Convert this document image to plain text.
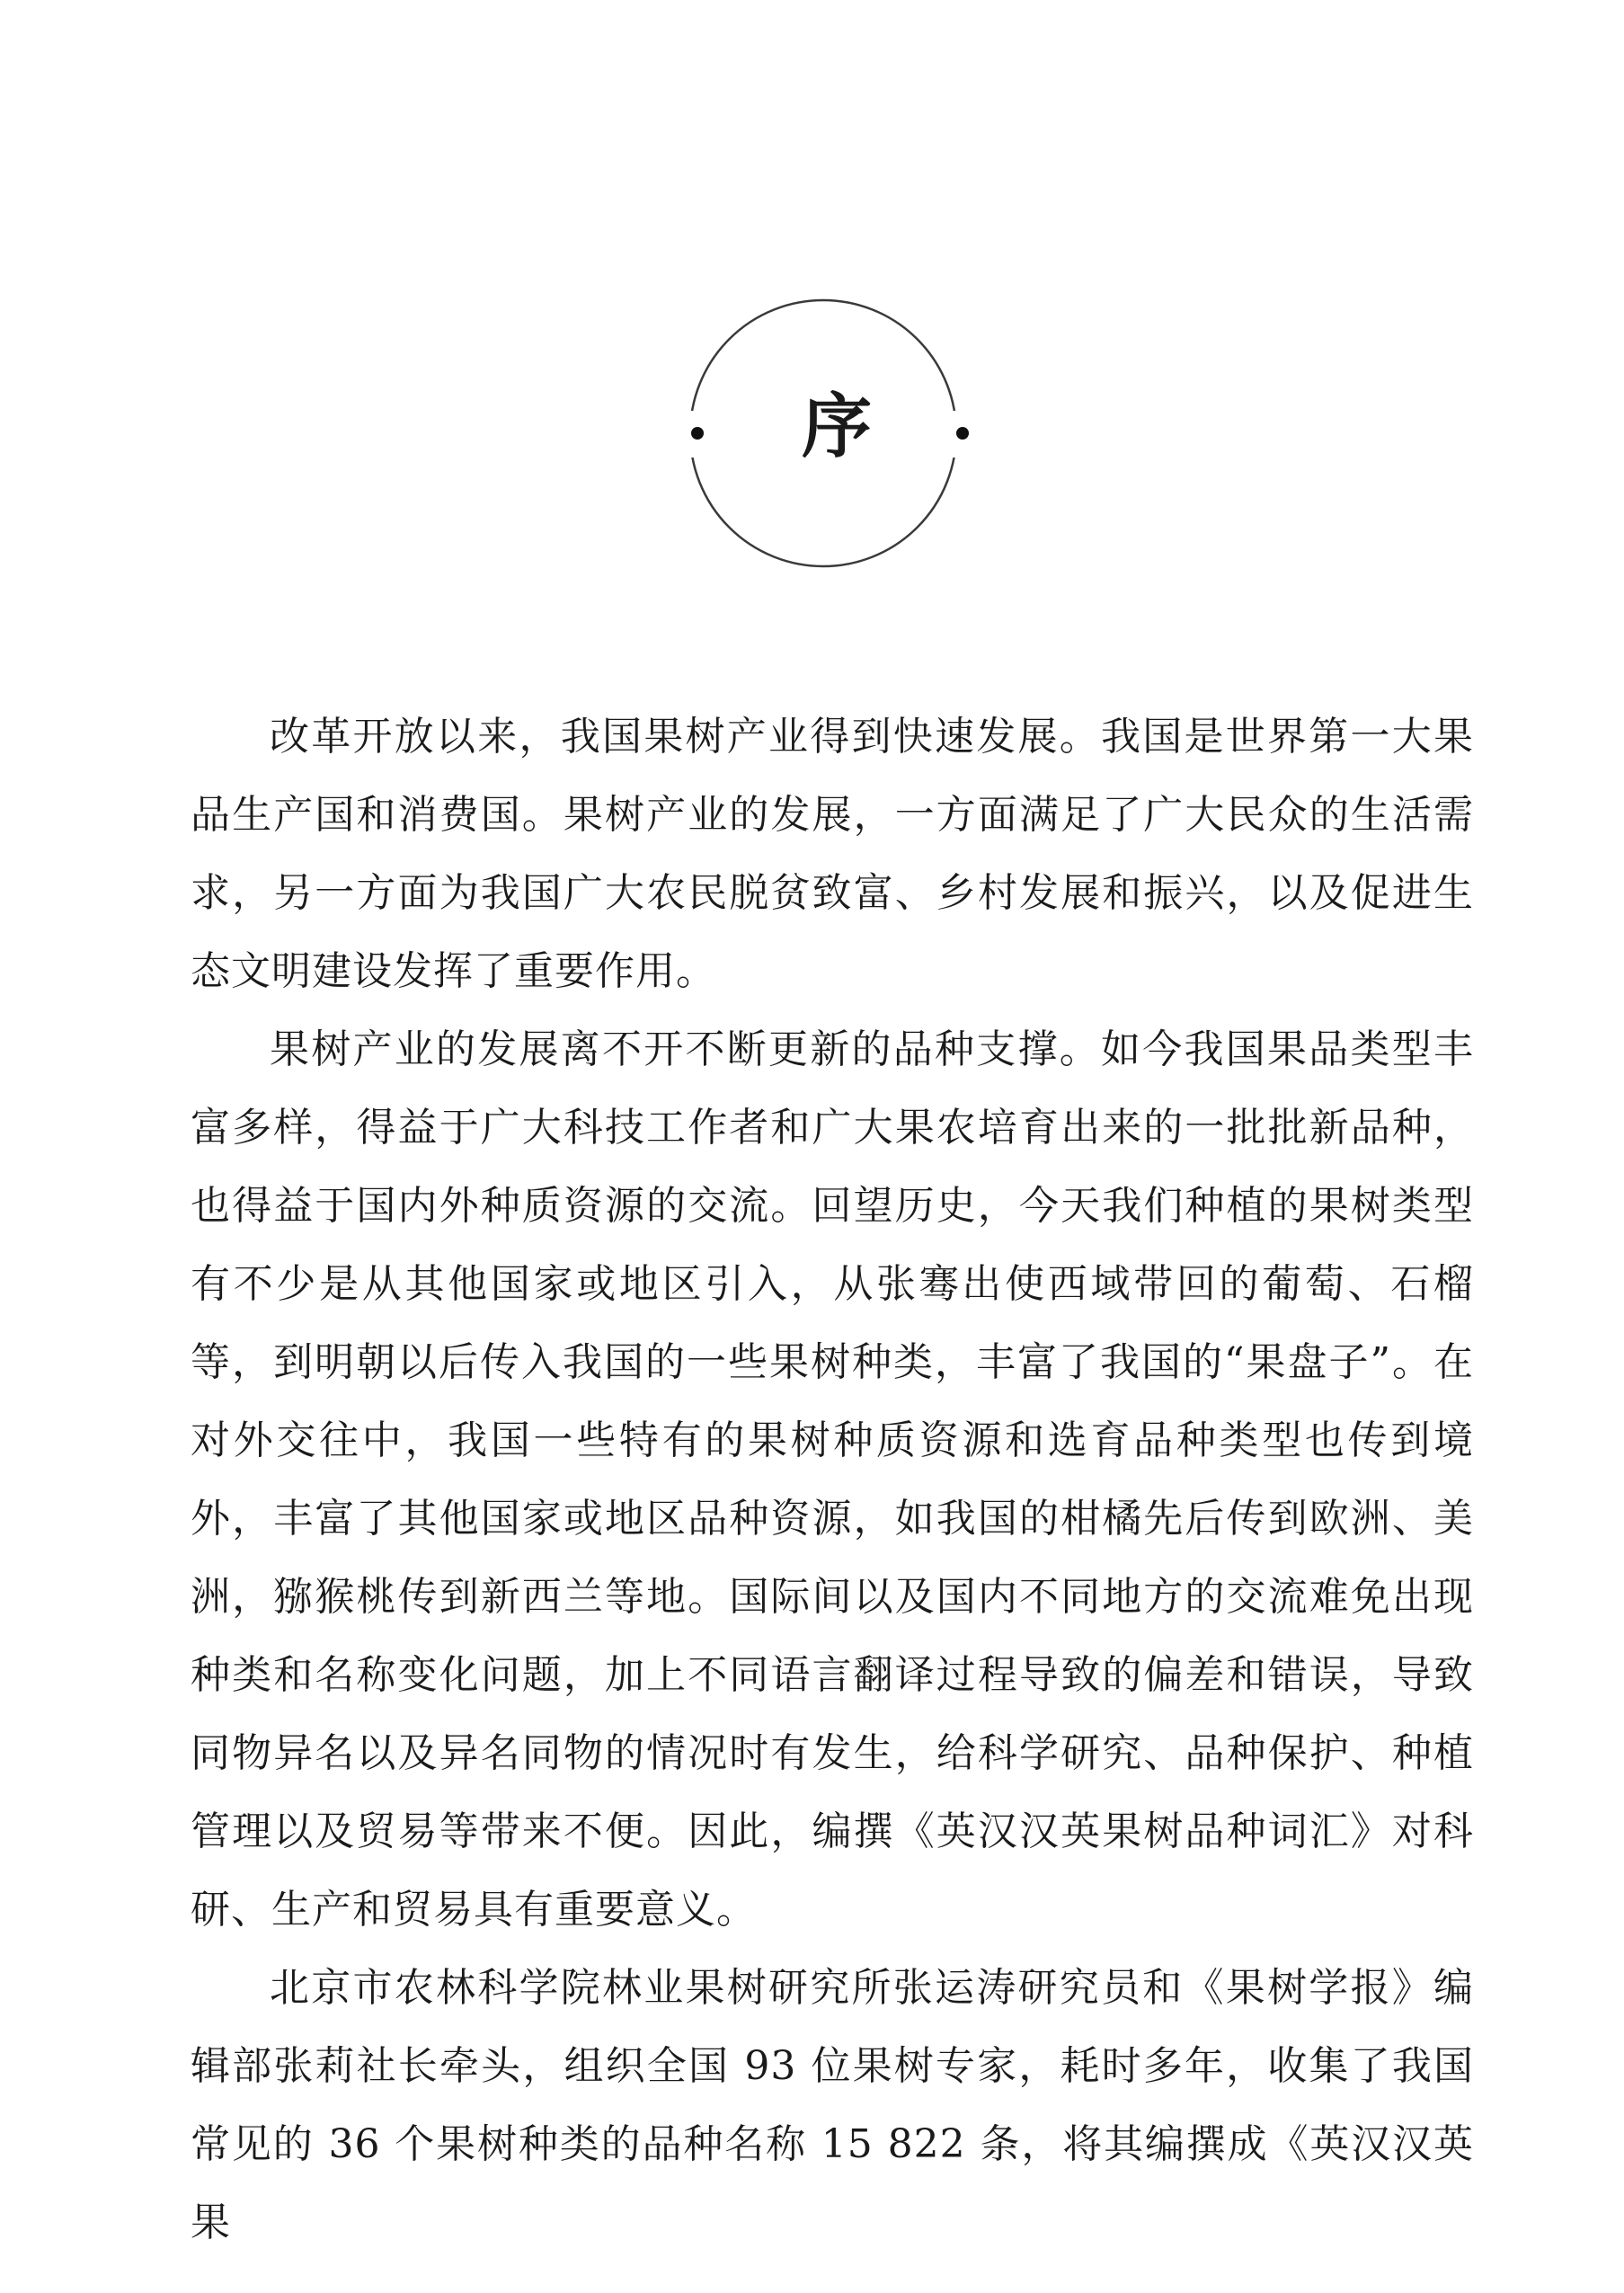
序

改革开放以来，我国果树产业得到快速发展。我国是世界第一大果品生产国和消费国。果树产业的发展，一方面满足了广大民众的生活需求，另一方面为我国广大农民脱贫致富、乡村发展和振兴，以及促进生态文明建设发挥了重要作用。

果树产业的发展离不开不断更新的品种支撑。如今我国果品类型丰富多样，得益于广大科技工作者和广大果农培育出来的一批批新品种，也得益于国内外种质资源的交流。回望历史，今天我们种植的果树类型有不少是从其他国家或地区引入，从张骞出使西域带回的葡萄、石榴等，到明朝以后传入我国的一些果树种类，丰富了我国的“果盘子”。在对外交往中，我国一些特有的果树种质资源和选育品种类型也传到境外，丰富了其他国家或地区品种资源，如我国的柑橘先后传到欧洲、美洲，猕猴桃传到新西兰等地。国际间以及国内不同地方的交流难免出现种类和名称变化问题，加上不同语言翻译过程导致的偏差和错误，导致同物异名以及异名同物的情况时有发生，给科学研究、品种保护、种植管理以及贸易等带来不便。因此，编撰《英汉汉英果树品种词汇》对科研、生产和贸易具有重要意义。

北京市农林科学院林业果树研究所张运涛研究员和《果树学报》编辑部张莉社长牵头，组织全国 93 位果树专家，耗时多年，收集了我国常见的 36 个果树种类的品种名称 15 822 条，将其编撰成《英汉汉英果
